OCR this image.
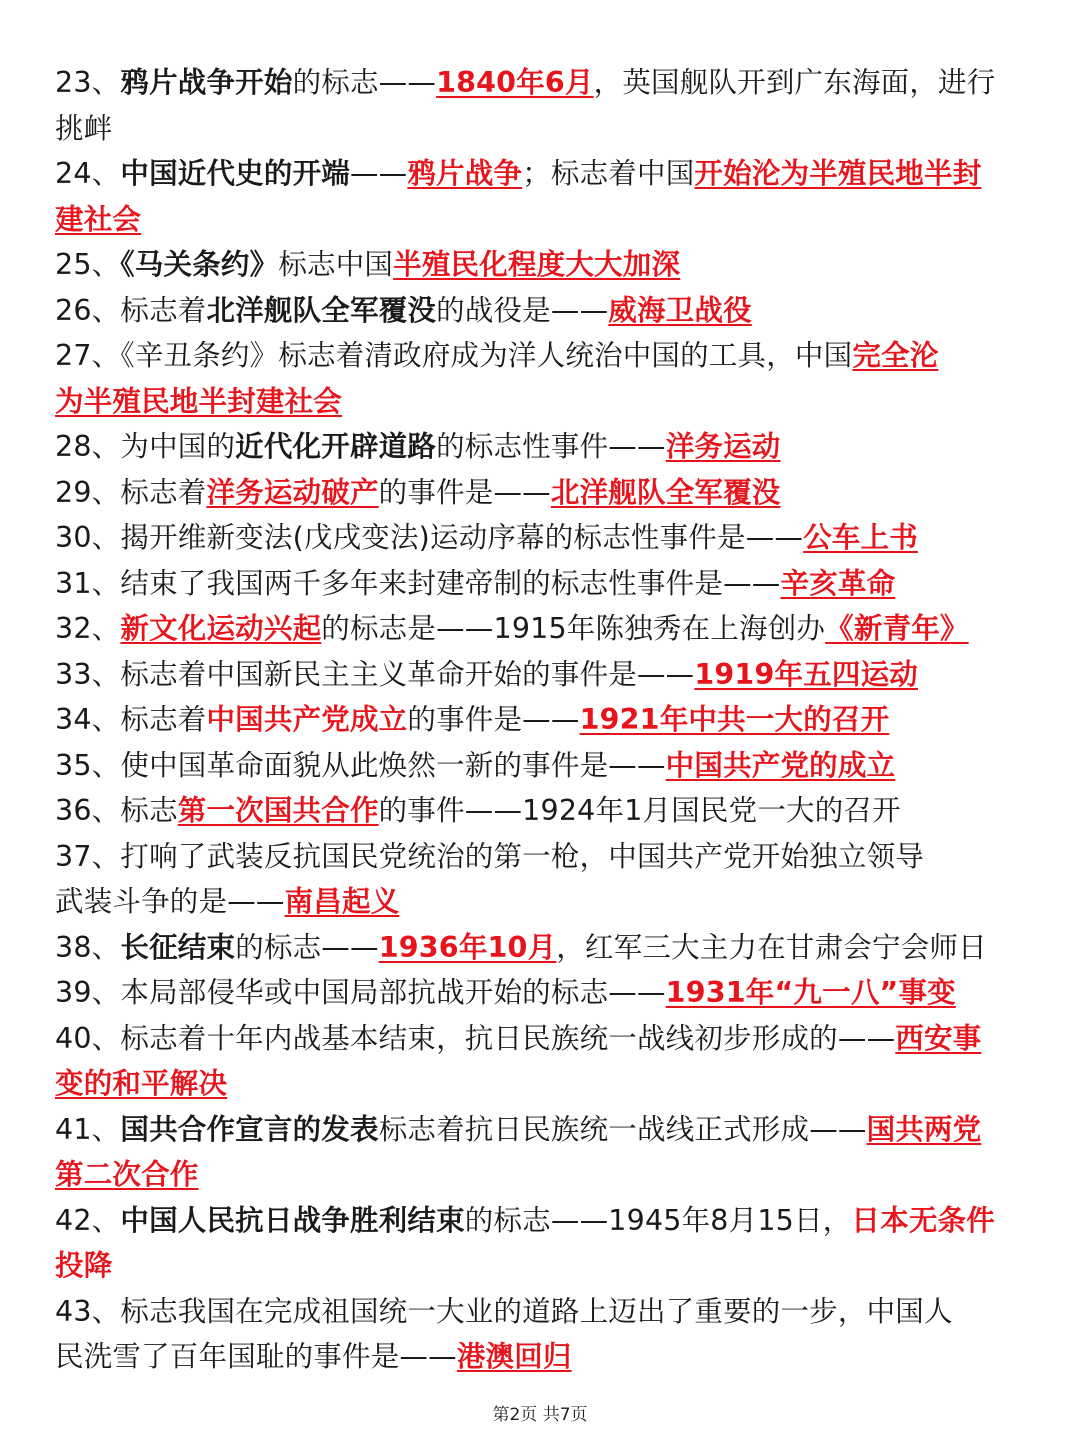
23、鸦片战争开始的标志——1840年6月，英国舰队开到广东海面，进行
挑衅
24、中国近代史的开端——鸦片战争；标志着中国开始沦为半殖民地半封
建社会
25、《马关条约》标志中国半殖民化程度大大加深
26、标志着北洋舰队全军覆没的战役是——威海卫战役
27、《辛丑条约》标志着清政府成为洋人统治中国的工具，中国完全沦
为半殖民地半封建社会
28、为中国的近代化开辟道路的标志性事件——洋务运动
29、标志着洋务运动破产的事件是——北洋舰队全军覆没
30、揭开维新变法(戊戌变法)运动序幕的标志性事件是——公车上书
31、结束了我国两千多年来封建帝制的标志性事件是——辛亥革命
32、新文化运动兴起的标志是——1915年陈独秀在上海创办《新青年》
33、标志着中国新民主主义革命开始的事件是——1919年五四运动
34、标志着中国共产党成立的事件是——1921年中共一大的召开
35、使中国革命面貌从此焕然一新的事件是——中国共产党的成立
36、标志第一次国共合作的事件——1924年1月国民党一大的召开
37、打响了武装反抗国民党统治的第一枪，中国共产党开始独立领导
武装斗争的是——南昌起义
38、长征结束的标志——1936年10月，红军三大主力在甘肃会宁会师日
39、本局部侵华或中国局部抗战开始的标志——1931年“九一八”事变
40、标志着十年内战基本结束，抗日民族统一战线初步形成的——西安事
变的和平解决
41、国共合作宣言的发表标志着抗日民族统一战线正式形成——国共两党
第二次合作
42、中国人民抗日战争胜利结束的标志——1945年8月15日，日本无条件
投降
43、标志我国在完成祖国统一大业的道路上迈出了重要的一步，中国人
民洗雪了百年国耻的事件是——港澳回归
第2页 共7页
